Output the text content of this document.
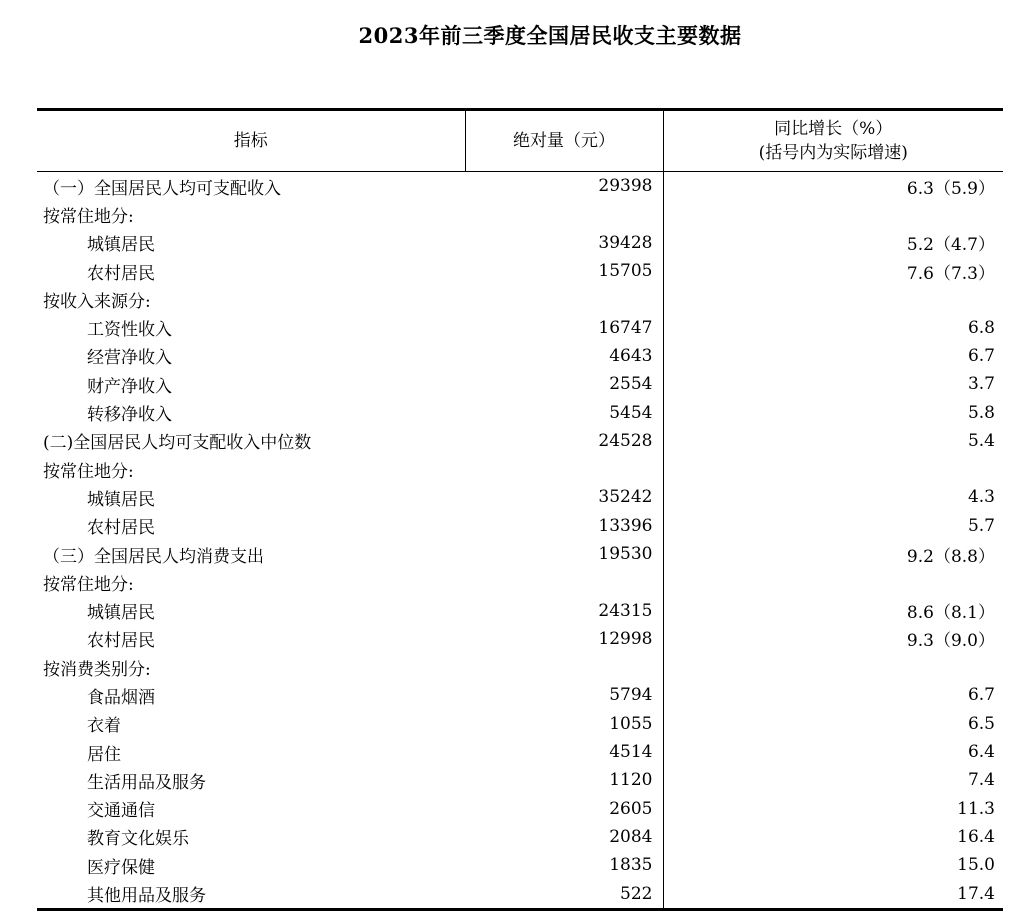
2023年前三季度全国居民收支主要数据
指标	绝对量（元）	同比增长（%）
(括号内为实际增速)

（一）全国居民人均可支配收入	29398	6.3（5.9）
按常住地分:		
城镇居民	39428	5.2（4.7）
农村居民	15705	7.6（7.3）
按收入来源分:		
工资性收入	16747	6.8
经营净收入	4643	6.7
财产净收入	2554	3.7
转移净收入	5454	5.8
(二)全国居民人均可支配收入中位数	24528	5.4
按常住地分:		
城镇居民	35242	4.3
农村居民	13396	5.7
（三）全国居民人均消费支出	19530	9.2（8.8）
按常住地分:		
城镇居民	24315	8.6（8.1）
农村居民	12998	9.3（9.0）
按消费类别分:		
食品烟酒	5794	6.7
衣着	1055	6.5
居住	4514	6.4
生活用品及服务	1120	7.4
交通通信	2605	11.3
教育文化娱乐	2084	16.4
医疗保健	1835	15.0
其他用品及服务	522	17.4
